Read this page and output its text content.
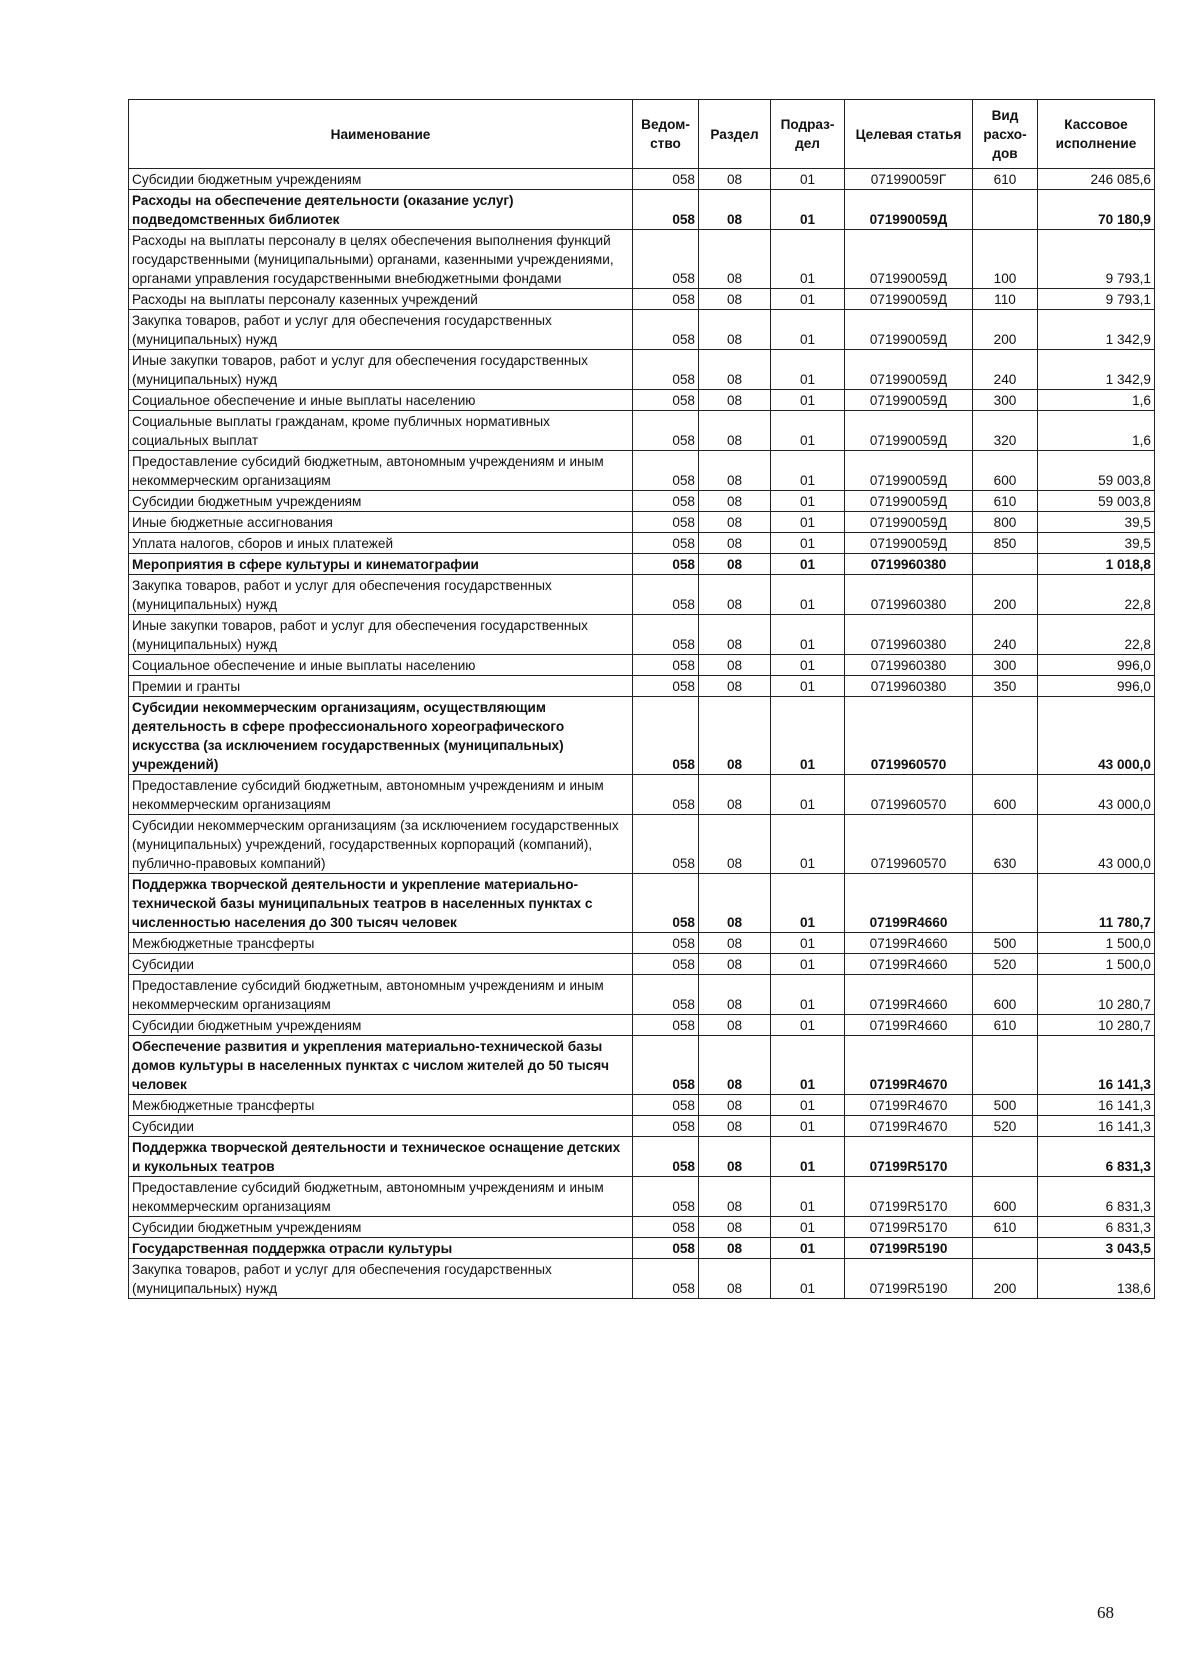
Наименование	Ведом-ство	Раздел	Подраз-дел	Целевая статья	Вид расхо-дов	Кассовое исполнение
Субсидии бюджетным учреждениям	058	08	01	071990059Г	610	246 085,6
Расходы на обеспечение деятельности (оказание услуг) подведомственных библиотек	058	08	01	071990059Д		70 180,9
Расходы на выплаты персоналу в целях обеспечения выполнения функций государственными (муниципальными) органами, казенными учреждениями, органами управления государственными внебюджетными фондами	058	08	01	071990059Д	100	9 793,1
Расходы на выплаты персоналу казенных учреждений	058	08	01	071990059Д	110	9 793,1
Закупка товаров, работ и услуг для обеспечения государственных (муниципальных) нужд	058	08	01	071990059Д	200	1 342,9
Иные закупки товаров, работ и услуг для обеспечения государственных (муниципальных) нужд	058	08	01	071990059Д	240	1 342,9
Социальное обеспечение и иные выплаты населению	058	08	01	071990059Д	300	1,6
Социальные выплаты гражданам, кроме публичных нормативных социальных выплат	058	08	01	071990059Д	320	1,6
Предоставление субсидий бюджетным, автономным учреждениям и иным некоммерческим организациям	058	08	01	071990059Д	600	59 003,8
Субсидии бюджетным учреждениям	058	08	01	071990059Д	610	59 003,8
Иные бюджетные ассигнования	058	08	01	071990059Д	800	39,5
Уплата налогов, сборов и иных платежей	058	08	01	071990059Д	850	39,5
Мероприятия в сфере культуры и кинематографии	058	08	01	0719960380		1 018,8
Закупка товаров, работ и услуг для обеспечения государственных (муниципальных) нужд	058	08	01	0719960380	200	22,8
Иные закупки товаров, работ и услуг для обеспечения государственных (муниципальных) нужд	058	08	01	0719960380	240	22,8
Социальное обеспечение и иные выплаты населению	058	08	01	0719960380	300	996,0
Премии и гранты	058	08	01	0719960380	350	996,0
Субсидии некоммерческим организациям, осуществляющим деятельность в сфере профессионального хореографического искусства (за исключением государственных (муниципальных) учреждений)	058	08	01	0719960570		43 000,0
Предоставление субсидий бюджетным, автономным учреждениям и иным некоммерческим организациям	058	08	01	0719960570	600	43 000,0
Субсидии некоммерческим организациям (за исключением государственных (муниципальных) учреждений, государственных корпораций (компаний), публично-правовых компаний)	058	08	01	0719960570	630	43 000,0
Поддержка творческой деятельности и укрепление материально-технической базы муниципальных театров в населенных пунктах с численностью населения до 300 тысяч человек	058	08	01	07199R4660		11 780,7
Межбюджетные трансферты	058	08	01	07199R4660	500	1 500,0
Субсидии	058	08	01	07199R4660	520	1 500,0
Предоставление субсидий бюджетным, автономным учреждениям и иным некоммерческим организациям	058	08	01	07199R4660	600	10 280,7
Субсидии бюджетным учреждениям	058	08	01	07199R4660	610	10 280,7
Обеспечение развития и укрепления материально-технической базы домов культуры в населенных пунктах с числом жителей до 50 тысяч человек	058	08	01	07199R4670		16 141,3
Межбюджетные трансферты	058	08	01	07199R4670	500	16 141,3
Субсидии	058	08	01	07199R4670	520	16 141,3
Поддержка творческой деятельности и техническое оснащение детских и кукольных театров	058	08	01	07199R5170		6 831,3
Предоставление субсидий бюджетным, автономным учреждениям и иным некоммерческим организациям	058	08	01	07199R5170	600	6 831,3
Субсидии бюджетным учреждениям	058	08	01	07199R5170	610	6 831,3
Государственная поддержка отрасли культуры	058	08	01	07199R5190		3 043,5
Закупка товаров, работ и услуг для обеспечения государственных (муниципальных) нужд	058	08	01	07199R5190	200	138,6
68
